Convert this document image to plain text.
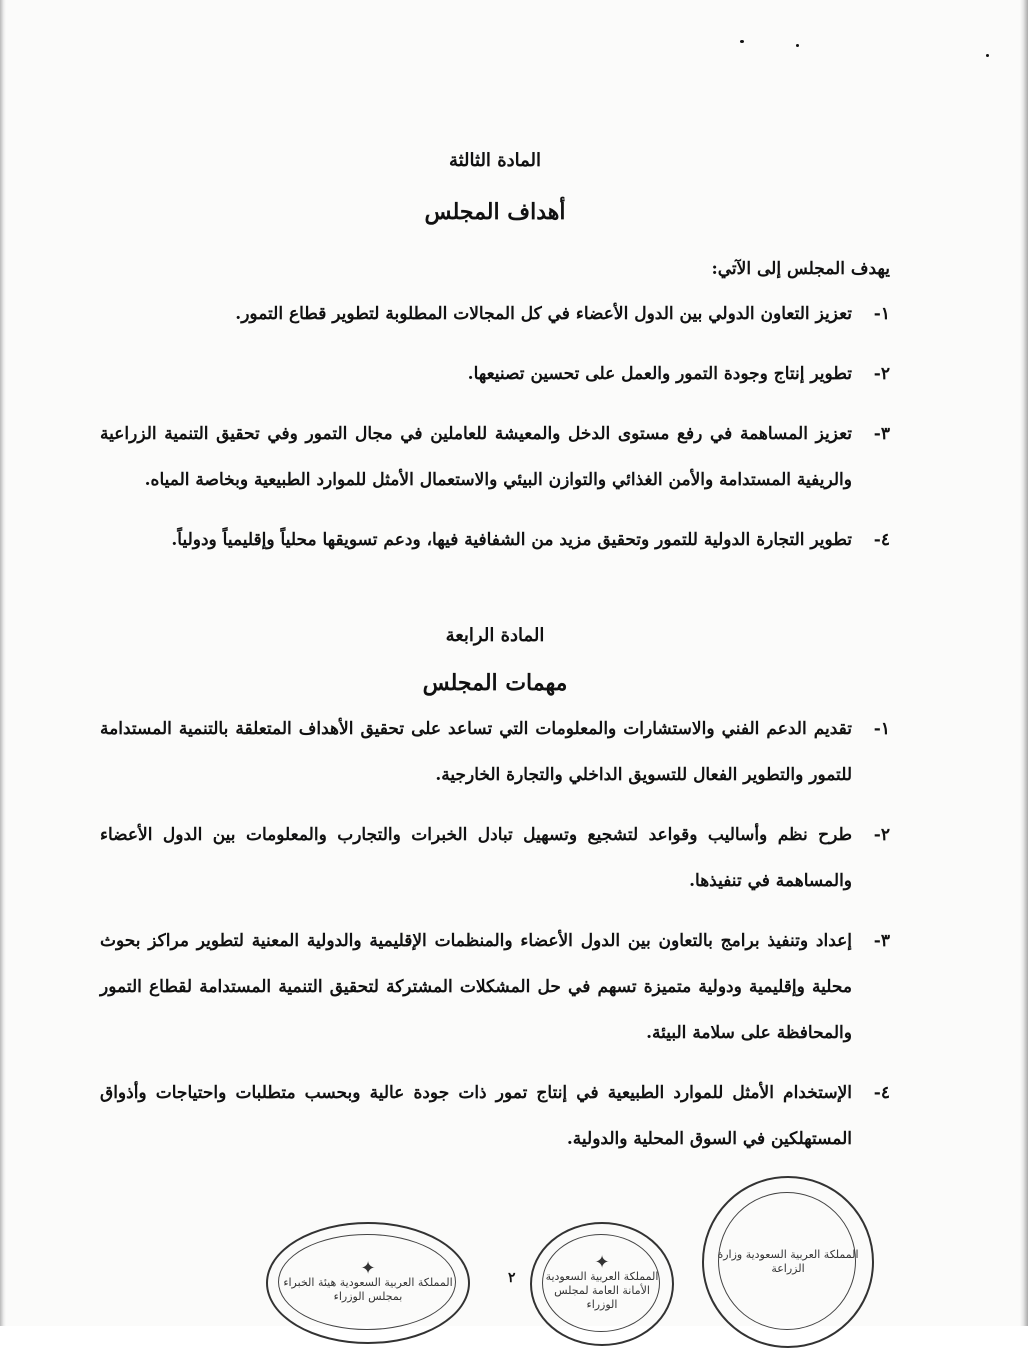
المادة الثالثة
أهداف المجلس

يهدف المجلس إلى الآتي:

١-
تعزيز التعاون الدولي بين الدول الأعضاء في كل المجالات المطلوبة لتطوير قطاع التمور.
٢-
تطوير إنتاج وجودة التمور والعمل على تحسين تصنيعها.
٣-
تعزيز المساهمة في رفع مستوى الدخل والمعيشة للعاملين في مجال التمور وفي تحقيق التنمية الزراعية والريفية المستدامة والأمن الغذائي والتوازن البيئي والاستعمال الأمثل للموارد الطبيعية وبخاصة المياه.
٤-
تطوير التجارة الدولية للتمور وتحقيق مزيد من الشفافية فيها، ودعم تسويقها محلياً وإقليمياً ودولياً.
المادة الرابعة
مهمات المجلس
١-
تقديم الدعم الفني والاستشارات والمعلومات التي تساعد على تحقيق الأهداف المتعلقة بالتنمية المستدامة للتمور والتطوير الفعال للتسويق الداخلي والتجارة الخارجية.
٢-
طرح نظم وأساليب وقواعد لتشجيع وتسهيل تبادل الخبرات والتجارب والمعلومات بين الدول الأعضاء والمساهمة في تنفيذها.
٣-
إعداد وتنفيذ برامج بالتعاون بين الدول الأعضاء والمنظمات الإقليمية والدولية المعنية لتطوير مراكز بحوث محلية وإقليمية ودولية متميزة تسهم في حل المشكلات المشتركة لتحقيق التنمية المستدامة لقطاع التمور والمحافظة على سلامة البيئة.
٤-
الإستخدام الأمثل للموارد الطبيعية في إنتاج تمور ذات جودة عالية وبحسب متطلبات واحتياجات وأذواق المستهلكين في السوق المحلية والدولية.
✦
المملكة العربية السعودية هيئة الخبراء بمجلس الوزراء
✦
المملكة العربية السعودية الأمانة العامة لمجلس الوزراء
المملكة العربية السعودية وزارة الزراعة
٢
